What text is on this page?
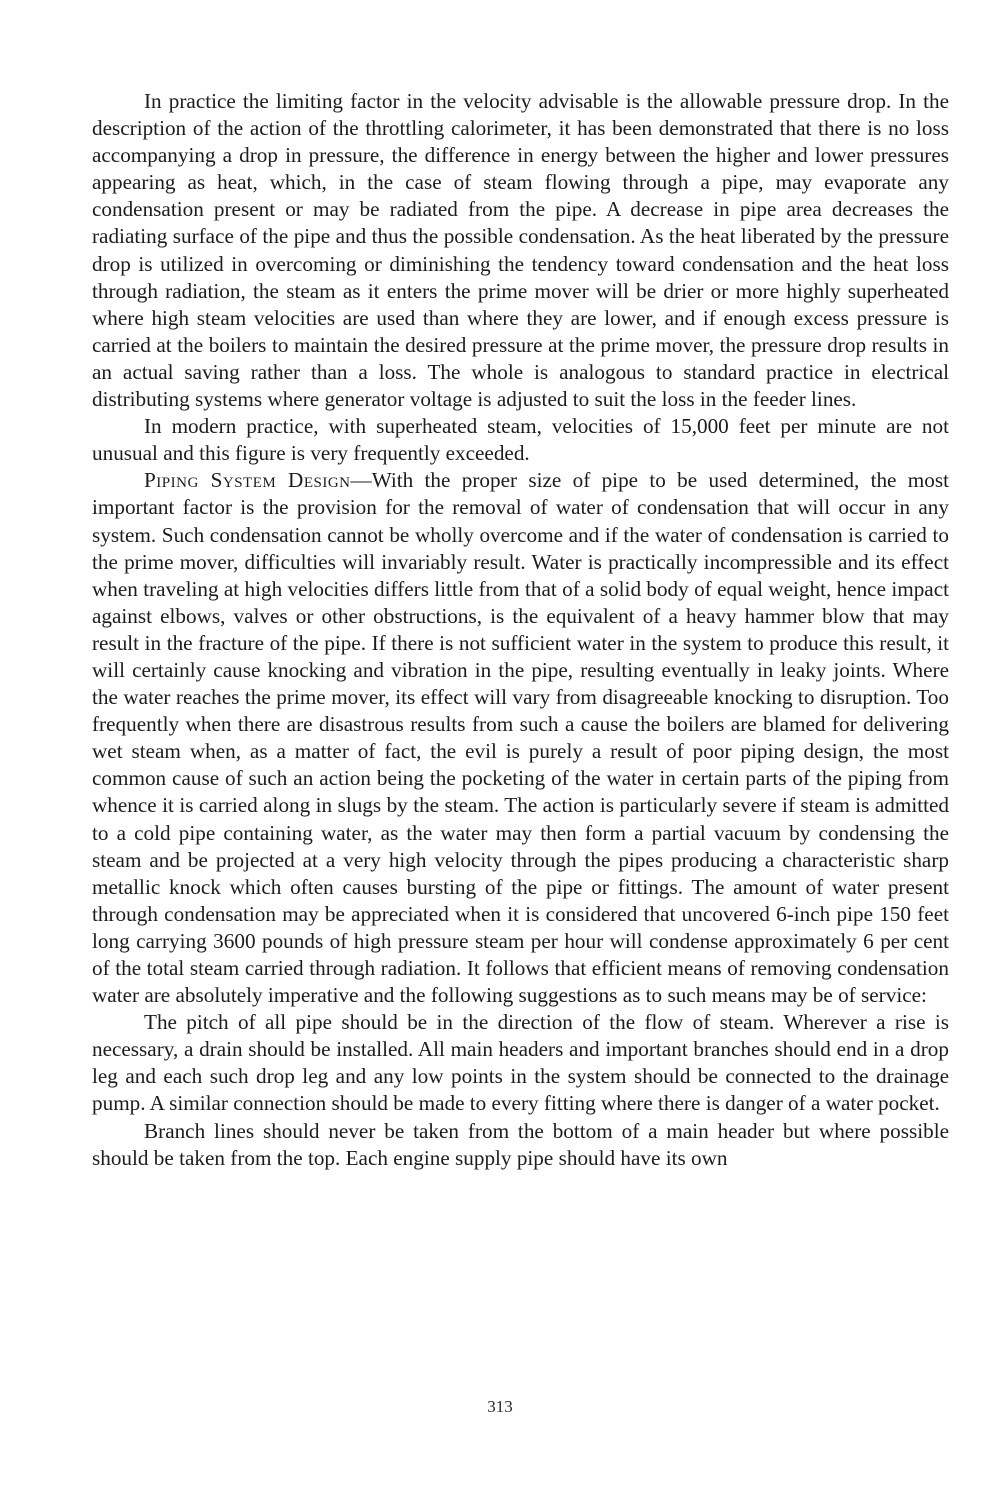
In practice the limiting factor in the velocity advisable is the allowable pressure drop. In the description of the action of the throttling calorimeter, it has been demonstrated that there is no loss accompanying a drop in pressure, the difference in energy between the higher and lower pressures appearing as heat, which, in the case of steam flowing through a pipe, may evaporate any condensation present or may be radiated from the pipe. A decrease in pipe area decreases the radiating surface of the pipe and thus the possible condensation. As the heat liberated by the pressure drop is utilized in overcoming or diminishing the tendency toward condensation and the heat loss through radiation, the steam as it enters the prime mover will be drier or more highly superheated where high steam velocities are used than where they are lower, and if enough excess pressure is carried at the boilers to maintain the desired pressure at the prime mover, the pressure drop results in an actual saving rather than a loss. The whole is analogous to standard practice in electrical distributing systems where generator voltage is adjusted to suit the loss in the feeder lines.

In modern practice, with superheated steam, velocities of 15,000 feet per minute are not unusual and this figure is very frequently exceeded.

Piping System Design—With the proper size of pipe to be used determined, the most important factor is the provision for the removal of water of condensation that will occur in any system. Such condensation cannot be wholly overcome and if the water of condensation is carried to the prime mover, difficulties will invariably result. Water is practically incompressible and its effect when traveling at high velocities differs little from that of a solid body of equal weight, hence impact against elbows, valves or other obstructions, is the equivalent of a heavy hammer blow that may result in the fracture of the pipe. If there is not sufficient water in the system to produce this result, it will certainly cause knocking and vibration in the pipe, resulting eventually in leaky joints. Where the water reaches the prime mover, its effect will vary from disagreeable knocking to disruption. Too frequently when there are disastrous results from such a cause the boilers are blamed for delivering wet steam when, as a matter of fact, the evil is purely a result of poor piping design, the most common cause of such an action being the pocketing of the water in certain parts of the piping from whence it is carried along in slugs by the steam. The action is particularly severe if steam is admitted to a cold pipe containing water, as the water may then form a partial vacuum by condensing the steam and be projected at a very high velocity through the pipes producing a characteristic sharp metallic knock which often causes bursting of the pipe or fittings. The amount of water present through condensation may be appreciated when it is considered that uncovered 6-inch pipe 150 feet long carrying 3600 pounds of high pressure steam per hour will condense approximately 6 per cent of the total steam carried through radiation. It follows that efficient means of removing condensation water are absolutely imperative and the following suggestions as to such means may be of service:

The pitch of all pipe should be in the direction of the flow of steam. Wherever a rise is necessary, a drain should be installed. All main headers and important branches should end in a drop leg and each such drop leg and any low points in the system should be connected to the drainage pump. A similar connection should be made to every fitting where there is danger of a water pocket.

Branch lines should never be taken from the bottom of a main header but where possible should be taken from the top. Each engine supply pipe should have its own

313
